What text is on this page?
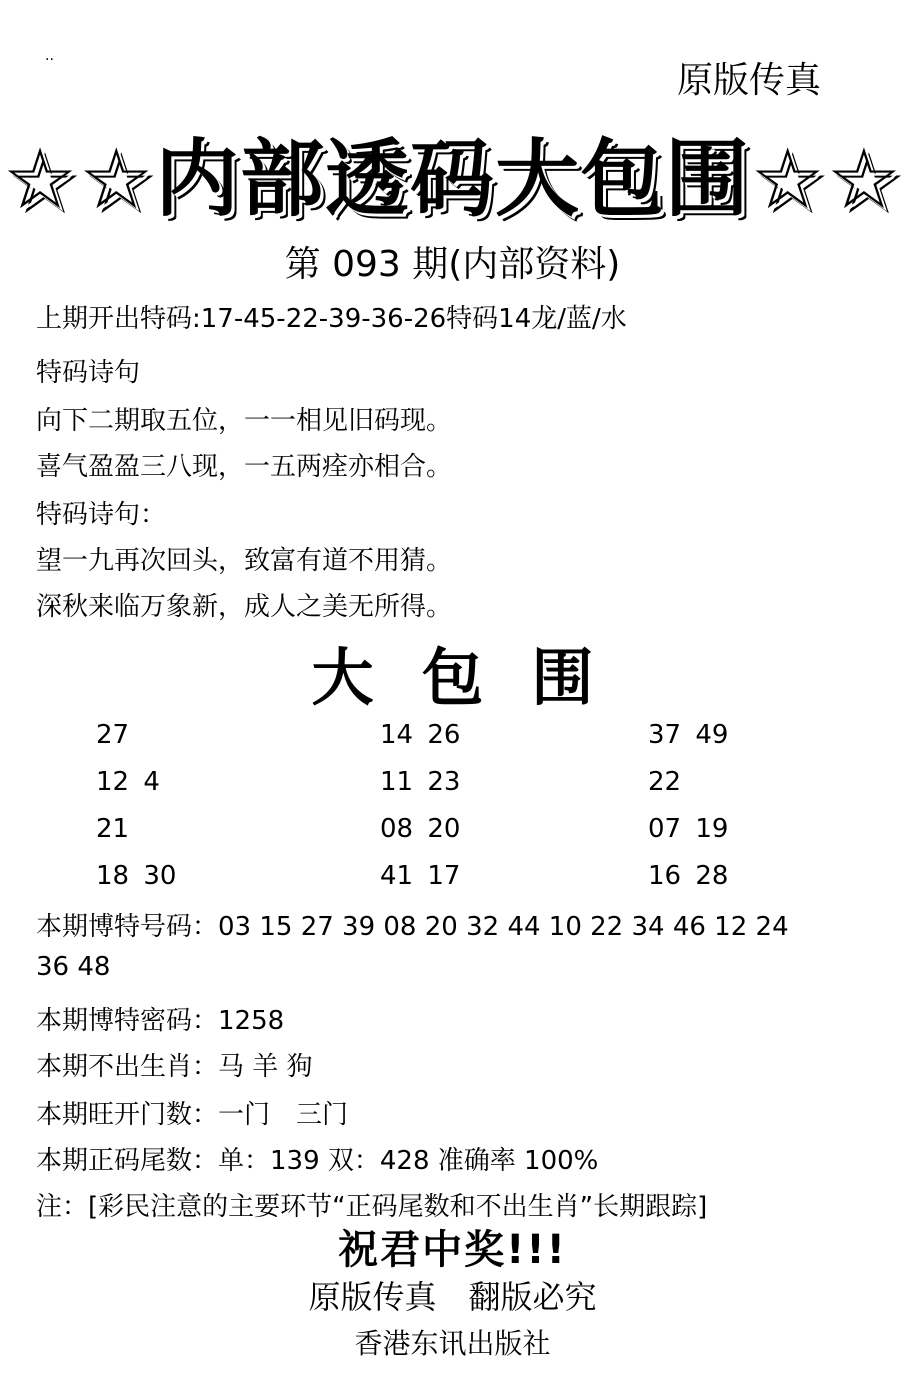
..
原版传真
☆☆内部透码大包围☆☆
第 093 期(内部资料)
上期开出特码:17-45-22-39-36-26特码14龙/蓝/水
特码诗句
向下二期取五位，一一相见旧码现。
喜气盈盈三八现，一五两痊亦相合。
特码诗句：
望一九再次回头，致富有道不用猜。
深秋来临万象新，成人之美无所得。
大包围
27	14 26	37 49
12 4	11 23	22
21	08 20	07 19
18 30	41 17	16 28
本期博特号码：03 15 27 39 08 20 32 44 10 22 34 46 12 24
36 48
本期博特密码：1258
本期不出生肖：马 羊 狗
本期旺开门数：一门　三门
本期正码尾数：单：139 双：428 准确率 100%
注：[彩民注意的主要环节“正码尾数和不出生肖”长期跟踪]
祝君中奖!!!
原版传真　翻版必究
香港东讯出版社
